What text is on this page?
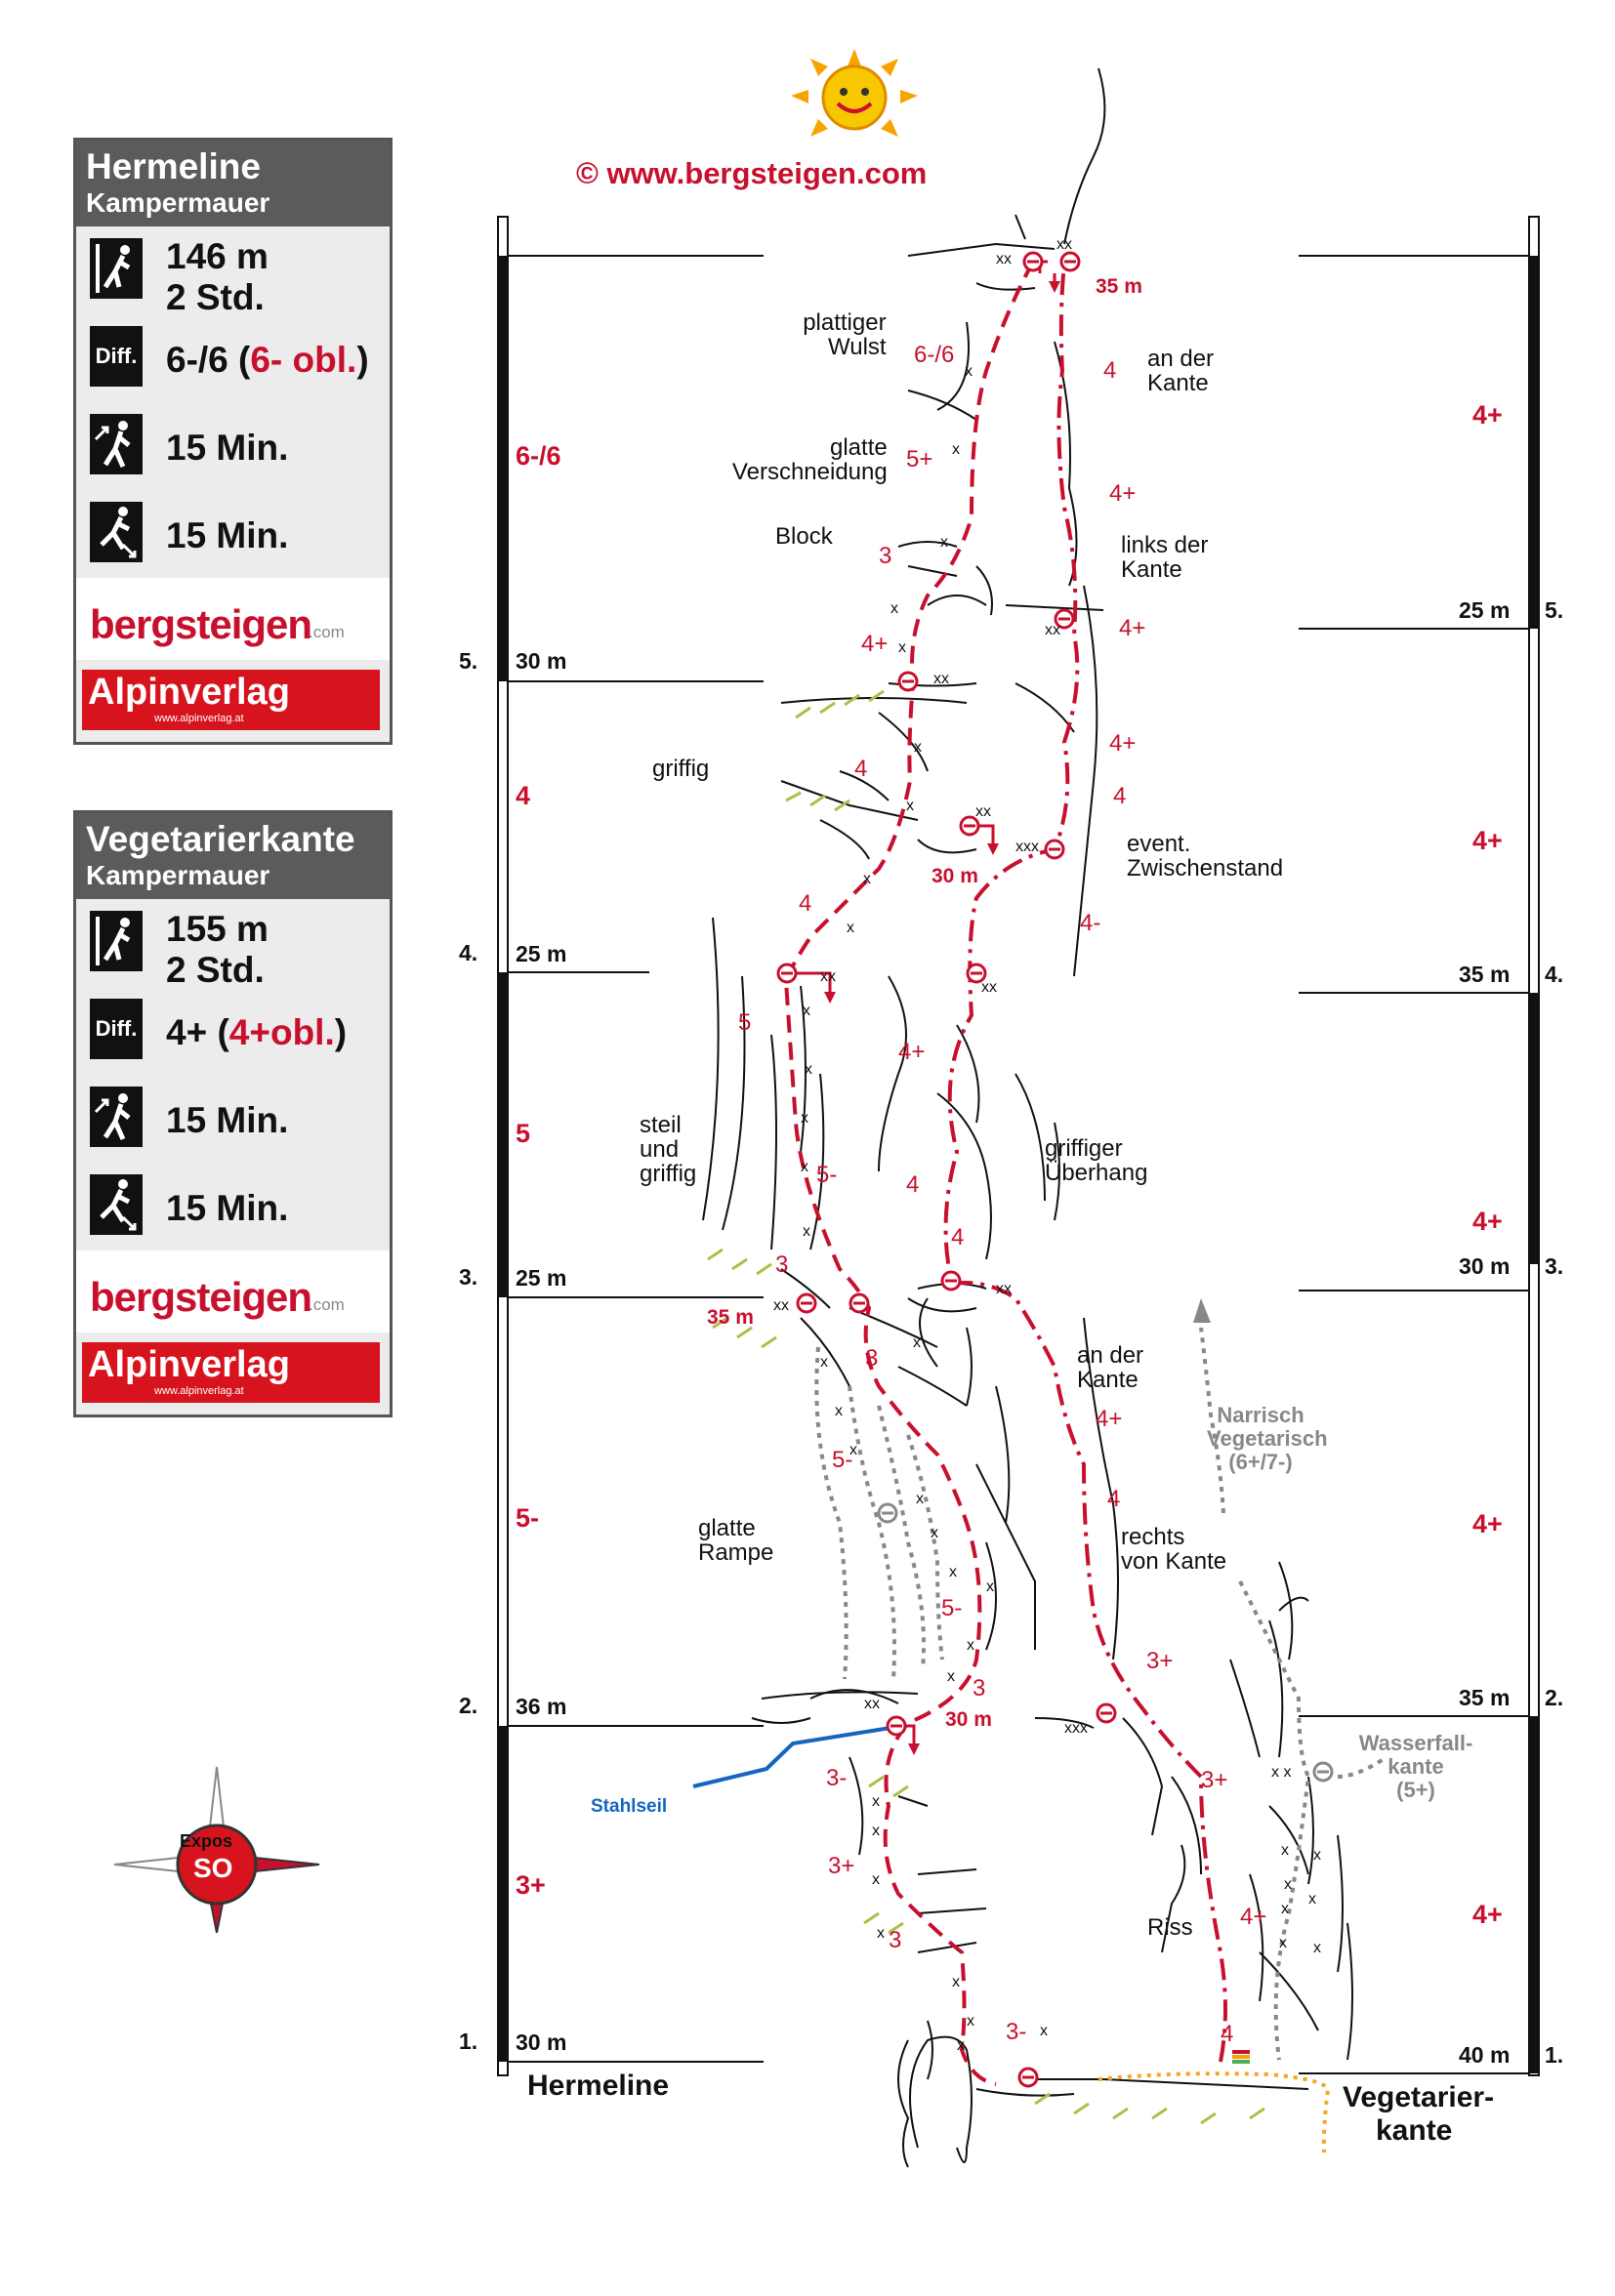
Hermeline
Kampermauer
146 m
2 Std.
Diff. 6-/6 (6- obl.)
15 Min.
15 Min.
bergsteigen
.com
Alpinverlag
www.alpinverlag.at
Vegetarierkante
Kampermauer
155 m
2 Std.
Diff. 4+ (4+obl.)
15 Min.
15 Min.
bergsteigen
.com
Alpinverlag
www.alpinverlag.at
Expos
SO
© www.bergsteigen.com
xx
xx
xx
xx
xx
xxx
xx
xx
xx
xx
xx
xxx
x x
x
x
x
x
x
x
x
x
x
x
x
x
x
x
x
x
x
x
x
x
x
x
x
x
x
x
x
x
x
x
x
x
x x
x
x
x
x x
5.
4.
3.
2.
1.
30 m
25 m
25 m
36 m
30 m
6-/6
4
5
5-
3+
Hermeline
25 m
35 m
30 m
35 m
40 m
5.
4.
3.
2.
1.
4+
4+
4+
4+
4+
Vegetarier-
kante
plattiger
Wulst
glatte
Verschneidung
Block
griffig
steil
und
griffig
glatte
Rampe
an der
Kante
links der
Kante
event.
Zwischenstand
griffiger
Überhang
an der
Kante
rechts
von Kante
Riss
Stahlseil
Narrisch
Vegetarisch
(6+/7-)
Wasserfall-
kante
(5+)
35 m
30 m
35 m
30 m
6-/6
5+
3
4+
4
4
5
5-
3
3
5-
5-
3
3-
3+
3
3-
4
4+
4+
4+
4
4-
4+
4
4
4+
4
3+
3+
4+
4
